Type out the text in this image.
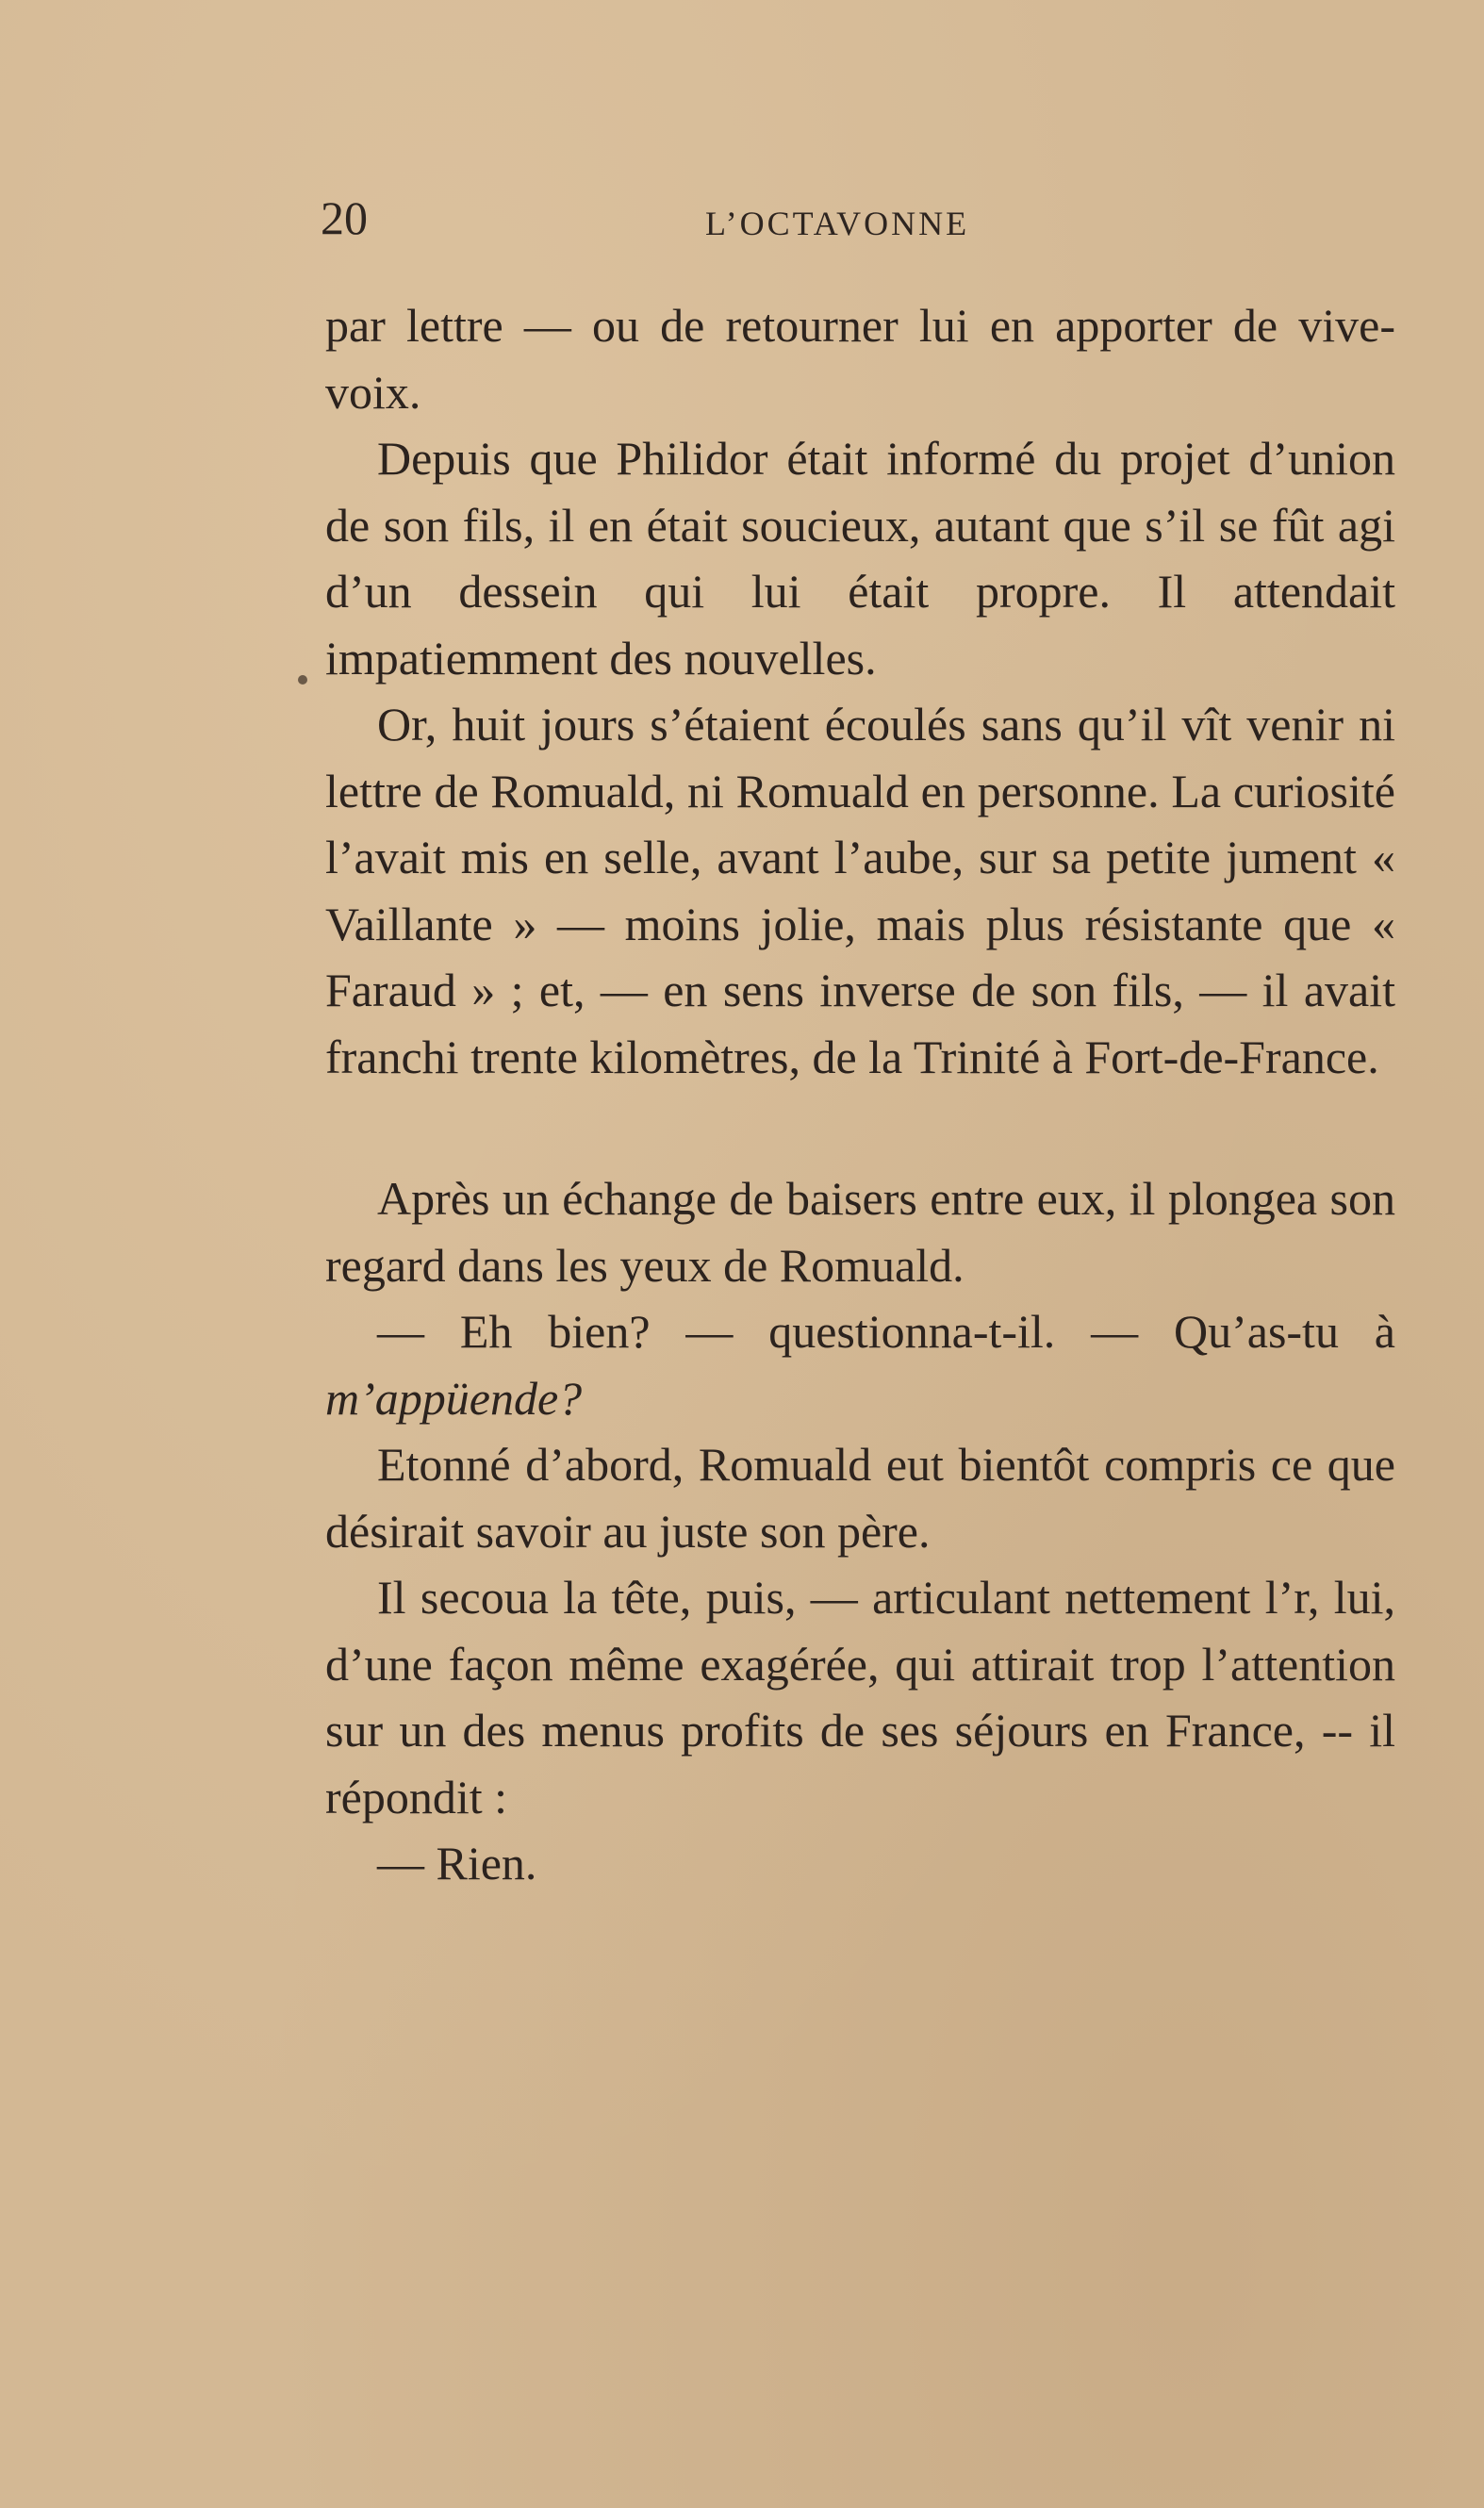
20	L’OCTAVONNE

par lettre — ou de retourner lui en apporter de vive-voix.

Depuis que Philidor était informé du projet d’union de son fils, il en était soucieux, autant que s’il se fût agi d’un dessein qui lui était propre. Il attendait impatiemment des nouvelles.

Or, huit jours s’étaient écoulés sans qu’il vît venir ni lettre de Romuald, ni Romuald en personne. La curiosité l’avait mis en selle, avant l’aube, sur sa petite jument « Vaillante » — moins jolie, mais plus résistante que « Faraud » ; et, — en sens inverse de son fils, — il avait franchi trente kilomètres, de la Trinité à Fort-de-France.

Après un échange de baisers entre eux, il plongea son regard dans les yeux de Romuald.

— Eh bien? — questionna-t-il. — Qu’as-tu à m’appüende?

Etonné d’abord, Romuald eut bientôt compris ce que désirait savoir au juste son père.

Il secoua la tête, puis, — articulant nettement l’r, lui, d’une façon même exagérée, qui attirait trop l’attention sur un des menus profits de ses séjours en France, -- il répondit :

— Rien.
